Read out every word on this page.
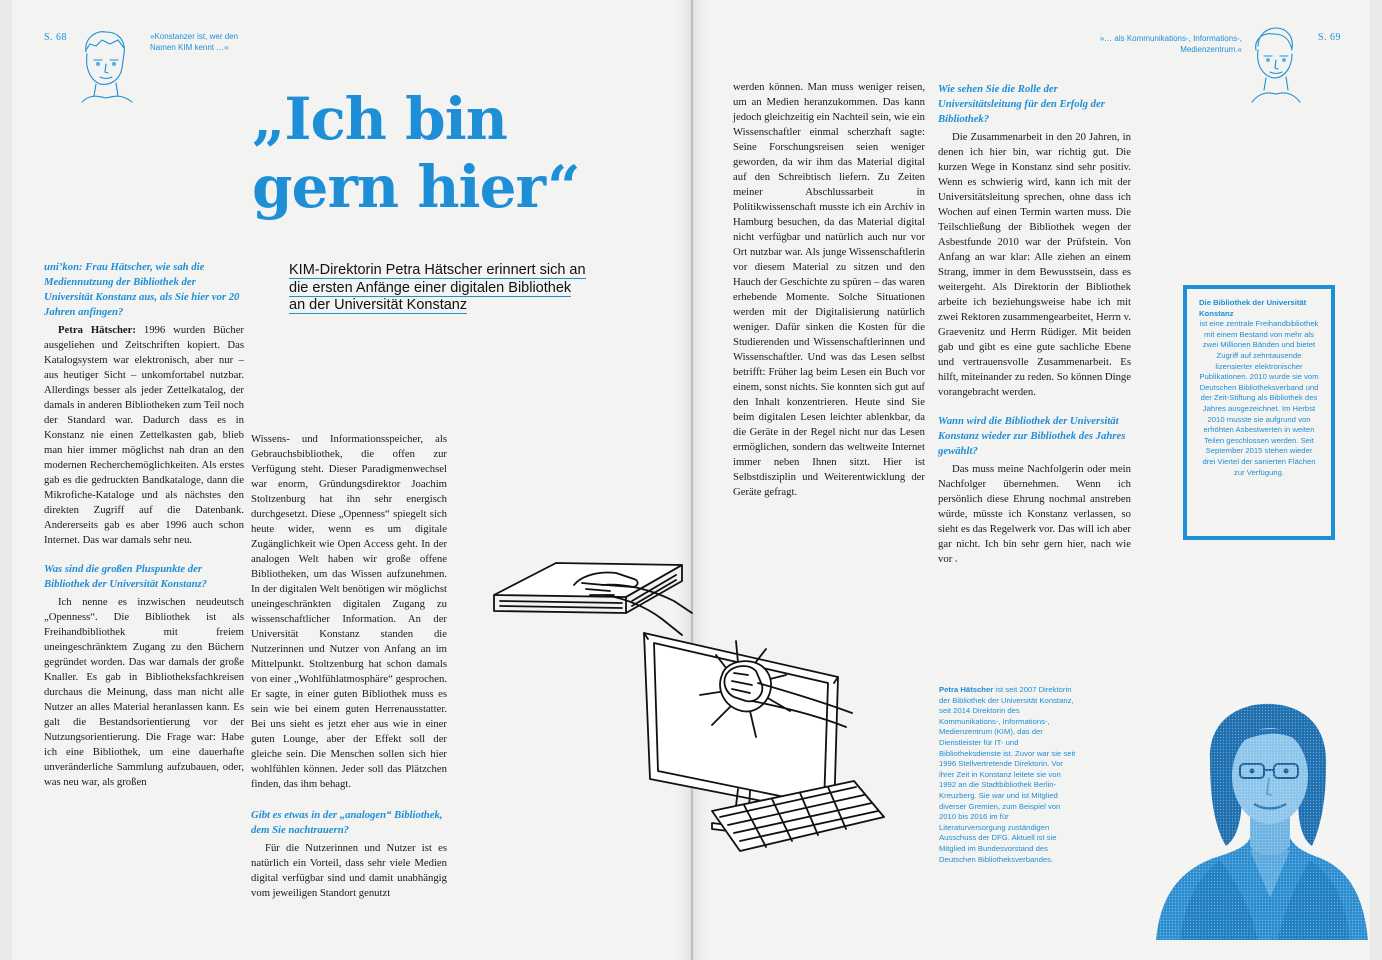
S. 68	»Konstanzer ist, wer den
Namen KIM kennt …«
»… als Kommunikations-, Informations-,
Medienzentrum.«
S. 69
„Ich bin
gern hier“
KIM-Direktorin Petra Hätscher erinnert sich an die ersten Anfänge einer digitalen Bibliothek an der Universität Konstanz

uni’kon: Frau Hätscher, wie sah die Mediennutzung der Bibliothek der Universität Konstanz aus, als Sie hier vor 20 Jahren anfingen?

Petra Hätscher: 1996 wurden Bücher ausgeliehen und Zeitschriften kopiert. Das Katalogsystem war elektronisch, aber nur – aus heutiger Sicht – unkomfortabel nutzbar. Allerdings besser als jeder Zettelkatalog, der damals in anderen Bibliotheken zum Teil noch der Standard war. Dadurch dass es in Konstanz nie einen Zettelkasten gab, blieb man hier immer möglichst nah dran an den modernen Recherchemöglichkeiten. Als erstes gab es die gedruckten Bandkataloge, dann die Mikrofiche-Kataloge und als nächstes den direkten Zugriff auf die Datenbank. Andererseits gab es aber 1996 auch schon Internet. Das war damals sehr neu.

Was sind die großen Pluspunkte der Bibliothek der Universität Konstanz?

Ich nenne es inzwischen neudeutsch „Openness“. Die Bibliothek ist als Freihandbibliothek mit freiem uneingeschränktem Zugang zu den Büchern gegründet worden. Das war damals der große Knaller. Es gab in Bibliotheksfachkreisen durchaus die Meinung, dass man nicht alle Nutzer an alles Material heranlassen kann. Es galt die Bestandsorientierung vor der Nutzungsorientierung. Die Frage war: Habe ich eine Bibliothek, um eine dauerhafte unveränderliche Sammlung aufzubauen, oder, was neu war, als großen

Wissens- und Informationsspeicher, als Gebrauchsbibliothek, die offen zur Verfügung steht. Dieser Paradigmenwechsel war enorm, Gründungsdirektor Joachim Stoltzenburg hat ihn sehr energisch durchgesetzt. Diese „Openness“ spiegelt sich heute wider, wenn es um digitale Zugänglichkeit wie Open Access geht. In der analogen Welt haben wir große offene Bibliotheken, um das Wissen aufzunehmen. In der digitalen Welt benötigen wir möglichst uneingeschränkten digitalen Zugang zu wissenschaftlicher Information. An der Universität Konstanz standen die Nutzerinnen und Nutzer von Anfang an im Mittelpunkt. Stoltzenburg hat schon damals von einer „Wohlfühlatmosphäre“ gesprochen. Er sagte, in einer guten Bibliothek muss es sein wie bei einem guten Herrenausstatter. Bei uns sieht es jetzt eher aus wie in einer guten Lounge, aber der Effekt soll der gleiche sein. Die Menschen sollen sich hier wohlfühlen können. Jeder soll das Plätzchen finden, das ihm behagt.

Gibt es etwas in der „analogen“ Bibliothek, dem Sie nachtrauern?

Für die Nutzerinnen und Nutzer ist es natürlich ein Vorteil, dass sehr viele Medien digital verfügbar sind und damit unabhängig vom jeweiligen Standort genutzt

werden können. Man muss weniger reisen, um an Medien heranzukommen. Das kann jedoch gleichzeitig ein Nachteil sein, wie ein Wissenschaftler einmal scherzhaft sagte: Seine Forschungsreisen seien weniger geworden, da wir ihm das Material digital auf den Schreibtisch liefern. Zu Zeiten meiner Abschlussarbeit in Politikwissenschaft musste ich ein Archiv in Hamburg besuchen, da das Material digital nicht verfügbar und natürlich auch nur vor Ort nutzbar war. Als junge Wissenschaftlerin vor diesem Material zu sitzen und den Hauch der Geschichte zu spüren – das waren erhebende Momente. Solche Situationen werden mit der Digitalisierung natürlich weniger. Dafür sinken die Kosten für die Studierenden und Wissenschaftlerinnen und Wissenschaftler. Und was das Lesen selbst betrifft: Früher lag beim Lesen ein Buch vor einem, sonst nichts. Sie konnten sich gut auf den Inhalt konzentrieren. Heute sind Sie beim digitalen Lesen leichter ablenkbar, da die Geräte in der Regel nicht nur das Lesen ermöglichen, sondern das weltweite Internet immer neben Ihnen sitzt. Hier ist Selbstdisziplin und Weiterentwicklung der Geräte gefragt.

Wie sehen Sie die Rolle der Universitätsleitung für den Erfolg der Bibliothek?

Die Zusammenarbeit in den 20 Jahren, in denen ich hier bin, war richtig gut. Die kurzen Wege in Konstanz sind sehr positiv. Wenn es schwierig wird, kann ich mit der Universitätsleitung sprechen, ohne dass ich Wochen auf einen Termin warten muss. Die Teilschließung der Bibliothek wegen der Asbestfunde 2010 war der Prüfstein. Von Anfang an war klar: Alle ziehen an einem Strang, immer in dem Bewusstsein, dass es weitergeht. Als Direktorin der Bibliothek arbeite ich beziehungsweise habe ich mit zwei Rektoren zusammengearbeitet, Herrn v. Graevenitz und Herrn Rüdiger. Mit beiden gab und gibt es eine gute sachliche Ebene und vertrauensvolle Zusammenarbeit. Es hilft, miteinander zu reden. So können Dinge vorangebracht werden.

Wann wird die Bibliothek der Universität Konstanz wieder zur Bibliothek des Jahres gewählt?

Das muss meine Nachfolgerin oder mein Nachfolger übernehmen. Wenn ich persönlich diese Ehrung nochmal anstreben würde, müsste ich Konstanz verlassen, so sieht es das Regelwerk vor. Das will ich aber gar nicht. Ich bin sehr gern hier, nach wie vor .

Die Bibliothek der Universität Konstanz
ist eine zentrale Freihandbibliothek mit einem Bestand von mehr als zwei Millionen Bänden und bietet Zugriff auf zehntausende lizensierter elektronischer Publikationen. 2010 wurde sie vom Deutschen Bibliotheksverband und der Zeit-Stiftung als Bibliothek des Jahres ausgezeichnet. Im Herbst 2010 musste sie aufgrund von erhöhten Asbestwerten in weiten Teilen geschlossen werden. Seit September 2015 stehen wieder drei Viertel der sanierten Flächen zur Verfügung.
Petra Hätscher ist seit 2007 Direktorin der Bibliothek der Universität Konstanz, seit 2014 Direktorin des Kommunikations-, Informations-, Medienzentrum (KIM), das der Dienstleister für IT- und Bibliotheksdienste ist. Zuvor war sie seit 1996 Stellvertretende Direktorin. Vor ihrer Zeit in Konstanz leitete sie von 1992 an die Stadtbibliothek Berlin-Kreuzberg. Sie war und ist Mitglied diverser Gremien, zum Beispiel von 2010 bis 2016 im für Literaturversorgung zuständigen Ausschuss der DFG. Aktuell ist sie Mitglied im Bundesvorstand des Deutschen Bibliotheksverbandes.
